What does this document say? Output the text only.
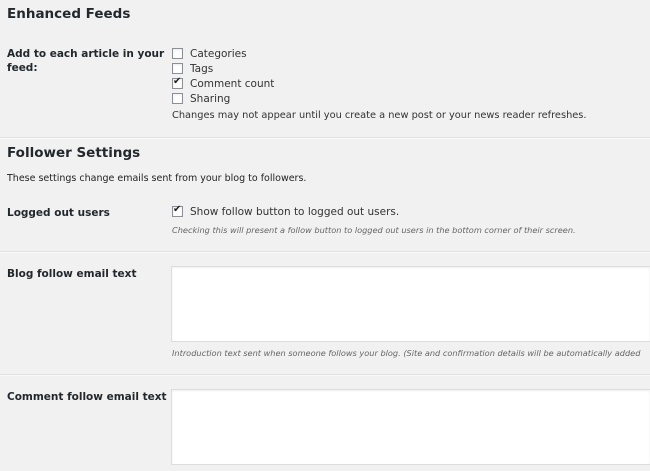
Enhanced Feeds
Add to each article in your
feed:
Categories
Tags
✔ Comment count
Sharing
Changes may not appear until you create a new post or your news reader refreshes.
Follower Settings
These settings change emails sent from your blog to followers.
Logged out users	✔ Show follow button to logged out users.
Checking this will present a follow button to logged out users in the bottom corner of their screen.
Blog follow email text
Introduction text sent when someone follows your blog. (Site and confirmation details will be automatically added
Comment follow email text
